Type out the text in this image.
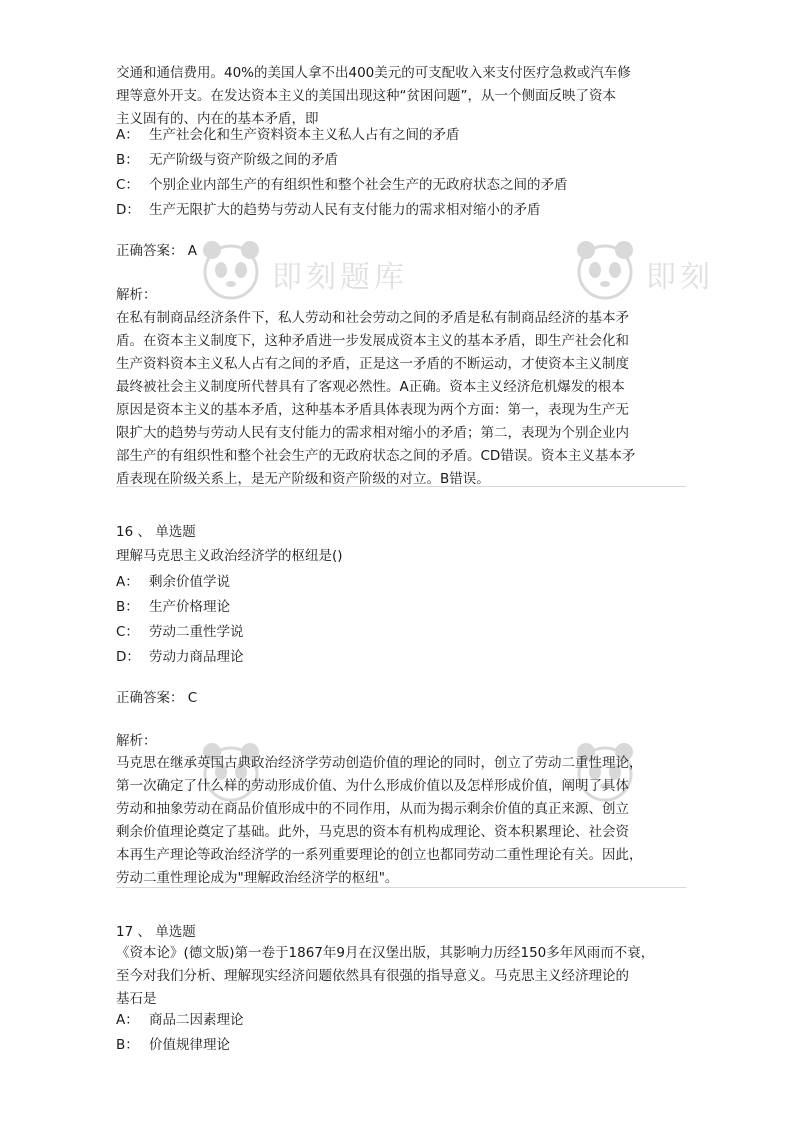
即刻题库	即刻
交通和通信费用。40%的美国人拿不出400美元的可支配收入来支付医疗急救或汽车修
理等意外开支。在发达资本主义的美国出现这种“贫困问题”，从一个侧面反映了资本
主义固有的、内在的基本矛盾，即
A： 生产社会化和生产资料资本主义私人占有之间的矛盾
B： 无产阶级与资产阶级之间的矛盾
C： 个别企业内部生产的有组织性和整个社会生产的无政府状态之间的矛盾
D： 生产无限扩大的趋势与劳动人民有支付能力的需求相对缩小的矛盾
正确答案： A
解析：
在私有制商品经济条件下，私人劳动和社会劳动之间的矛盾是私有制商品经济的基本矛
盾。在资本主义制度下，这种矛盾进一步发展成资本主义的基本矛盾，即生产社会化和
生产资料资本主义私人占有之间的矛盾，正是这一矛盾的不断运动，才使资本主义制度
最终被社会主义制度所代替具有了客观必然性。A正确。资本主义经济危机爆发的根本
原因是资本主义的基本矛盾，这种基本矛盾具体表现为两个方面：第一，表现为生产无
限扩大的趋势与劳动人民有支付能力的需求相对缩小的矛盾；第二，表现为个别企业内
部生产的有组织性和整个社会生产的无政府状态之间的矛盾。CD错误。资本主义基本矛
盾表现在阶级关系上，是无产阶级和资产阶级的对立。B错误。
16 、 单选题
理解马克思主义政治经济学的枢纽是()
A： 剩余价值学说
B： 生产价格理论
C： 劳动二重性学说
D： 劳动力商品理论
正确答案： C
解析：
马克思在继承英国古典政治经济学劳动创造价值的理论的同时，创立了劳动二重性理论，
第一次确定了什么样的劳动形成价值、为什么形成价值以及怎样形成价值，阐明了具体
劳动和抽象劳动在商品价值形成中的不同作用，从而为揭示剩余价值的真正来源、创立
剩余价值理论奠定了基础。此外，马克思的资本有机构成理论、资本积累理论、社会资
本再生产理论等政治经济学的一系列重要理论的创立也都同劳动二重性理论有关。因此，
劳动二重性理论成为"理解政治经济学的枢纽"。
17 、 单选题
《资本论》(德文版)第一卷于1867年9月在汉堡出版，其影响力历经150多年风雨而不衰，
至今对我们分析、理解现实经济问题依然具有很强的指导意义。马克思主义经济理论的
基石是
A： 商品二因素理论
B： 价值规律理论
